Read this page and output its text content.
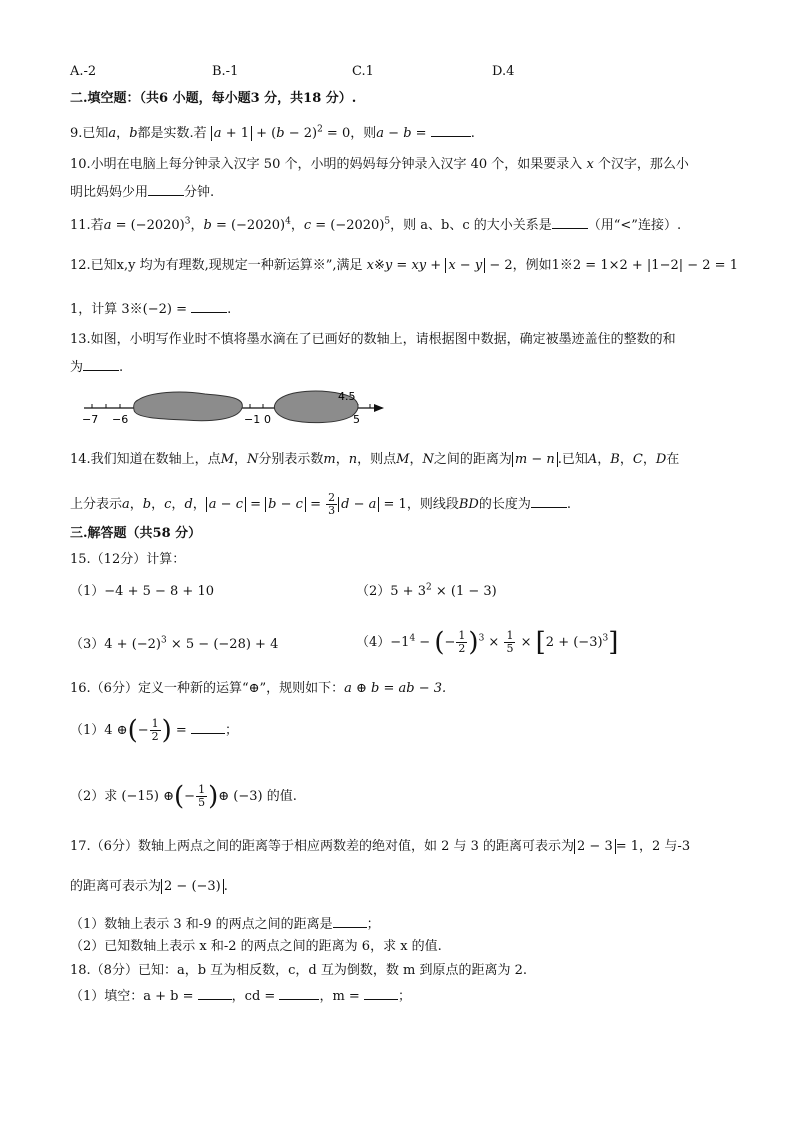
A.-2	B.-1	C.1	D.4
二.填空题：（共6 小题，每小题3 分，共18 分）.
9.已知a，b都是实数.若 $a + 1 + (b - 2)^2 = 0$，则a − b =	.
10.小明在电脑上每分钟录入汉字 50 个，小明的妈妈每分钟录入汉字 40 个，如果要录入 x 个汉字，那么小
明比妈妈少用	分钟.
11.若$a = (-2020)^3$，$b = (-2020)^4$，$c = (-2020)^5$，则 a、b、c 的大小关系是	（用“<”连接）.
12.已知x,y 均为有理数,现规定一种新运算※”,满足 x※y = xy + x − y − 2，例如1※2 = 1×2 + |1−2| − 2 = 1
1，计算 3※(−2) =	.
13.如图，小明写作业时不慎将墨水滴在了已画好的数轴上，请根据图中数据，确定被墨迹盖住的整数的和
为	.
−7 −6	−1 0
4.5
5
14.我们知道在数轴上，点M，N分别表示数m，n，则点M，N之间的距离为 m − n .已知A，B，C，D在
上分表示a，b，c，d， $a - c = b - c = \frac{2}{3}$ d − a = 1，则线段BD的长度为	.
三.解答题（共58 分）
15.（12分）计算：
（1）−4 + 5 − 8 + 10	$(2)5 + 3^2 \times (1 - 3)$
$(3)4 + (-2)^3 \times 5 - (-28) + 4$	$(4)-1^4$ − (− $\frac{1}{2} )^3 \times \frac{1}{5} \times [2 + (-3)^3]$
16.（6分）定义一种新的运算“⊕”，规则如下：a ⊕ b = ab − 3.
（1）4 ⊕(− $\frac{1}{2}$ ) =	；
（2）求 (−15) ⊕(− $\frac{1}{5}$ )⊕ (−3) 的值.
17.（6分）数轴上两点之间的距离等于相应两数差的绝对值，如 2 与 3 的距离可表示为 2 − 3 = 1，2 与-3
的距离可表示为 2 − (−3) .
（1）数轴上表示 3 和-9 的两点之间的距离是	；
（2）已知数轴上表示 x 和-2 的两点之间的距离为 6，求 x 的值.
18.（8分）已知：a，b 互为相反数，c，d 互为倒数，数 m 到原点的距离为 2.
（1）填空：a + b =	，cd =	，m =	；
